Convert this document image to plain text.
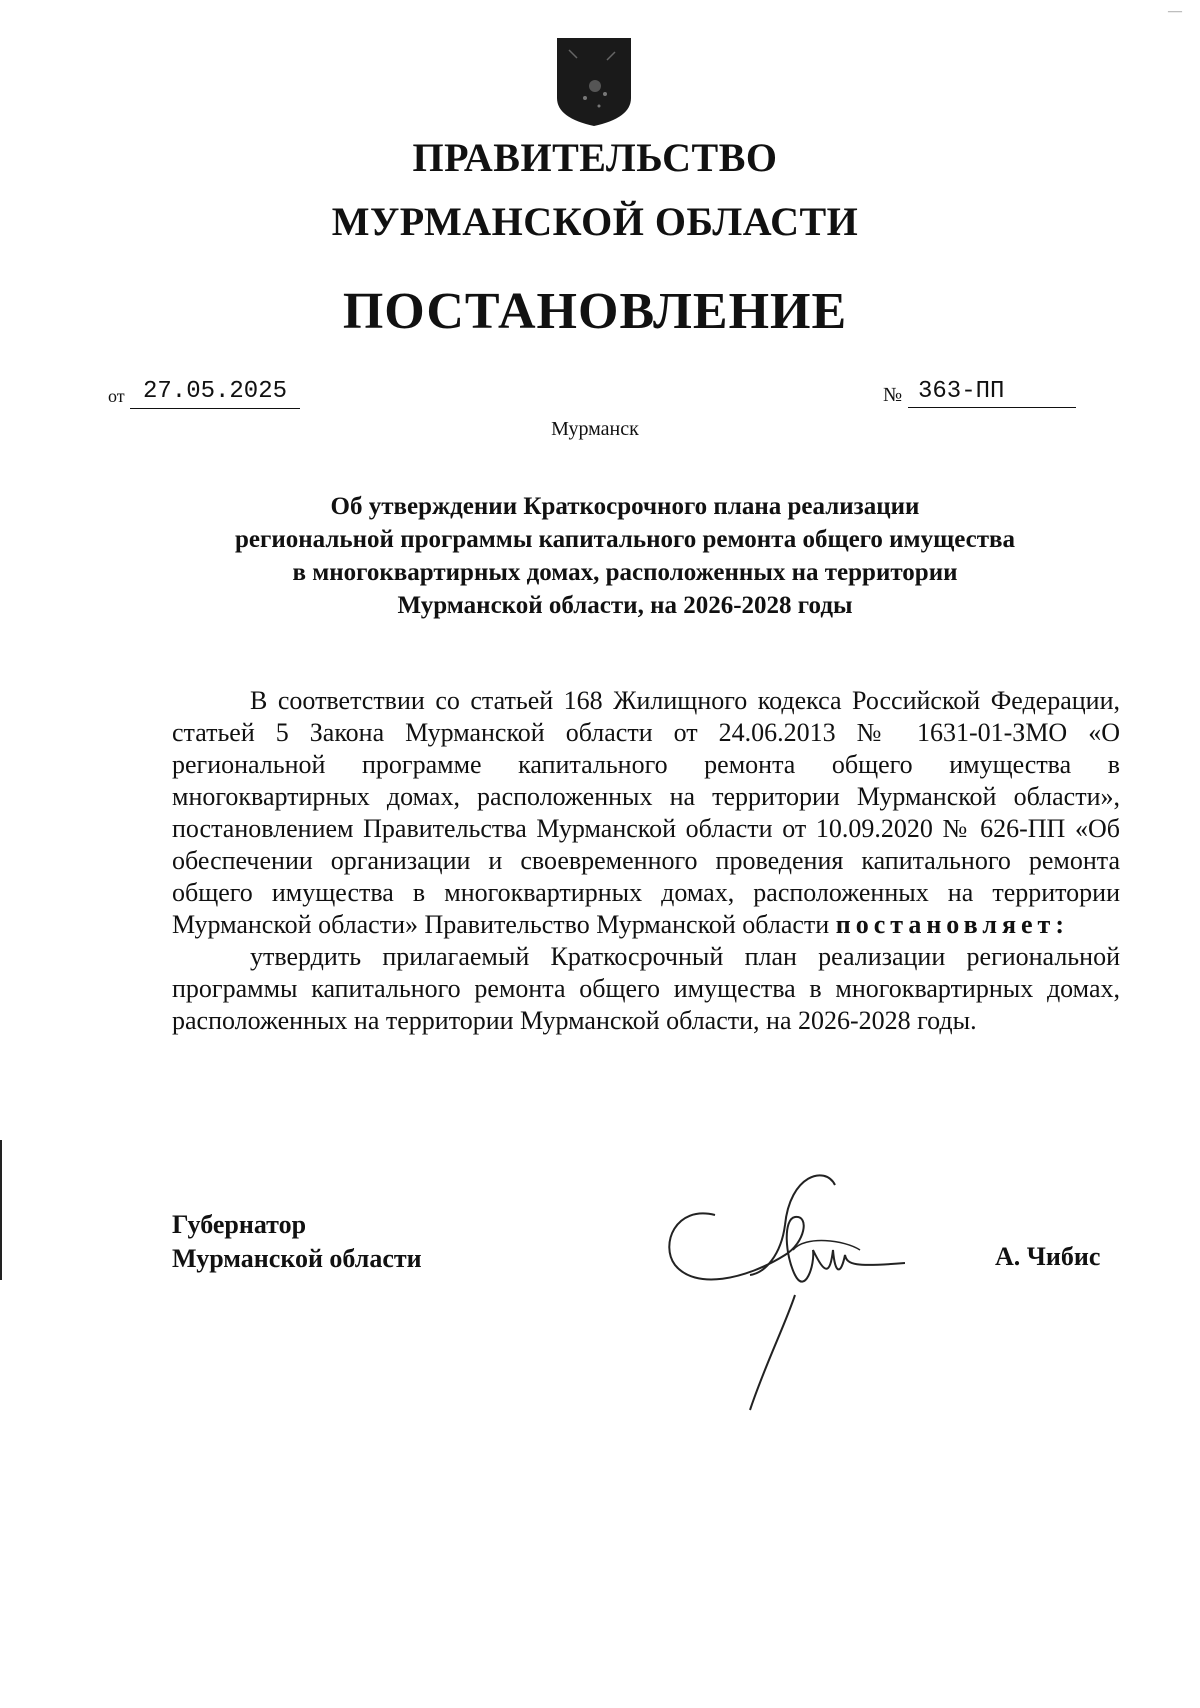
—
ПРАВИТЕЛЬСТВО
МУРМАНСКОЙ ОБЛАСТИ
ПОСТАНОВЛЕНИЕ
от 27.05.2025	№ 363-ПП
Мурманск
Об утверждении Краткосрочного плана реализации
региональной программы капитального ремонта общего имущества
в многоквартирных домах, расположенных на территории
Мурманской области, на 2026-2028 годы

В соответствии со статьей 168 Жилищного кодекса Российской Федерации, статьей 5 Закона Мурманской области от 24.06.2013 № 1631-01-ЗМО «О региональной программе капитального ремонта общего имущества в многоквартирных домах, расположенных на территории Мурманской области», постановлением Правительства Мурманской области от 10.09.2020 № 626-ПП «Об обеспечении организации и своевременного проведения капитального ремонта общего имущества в многоквартирных домах, расположенных на территории Мурманской области» Правительство Мурманской области постановляет:

утвердить прилагаемый Краткосрочный план реализации региональной программы капитального ремонта общего имущества в многоквартирных домах, расположенных на территории Мурманской области, на 2026-2028 годы.

Губернатор
Мурманской области	А. Чибис
